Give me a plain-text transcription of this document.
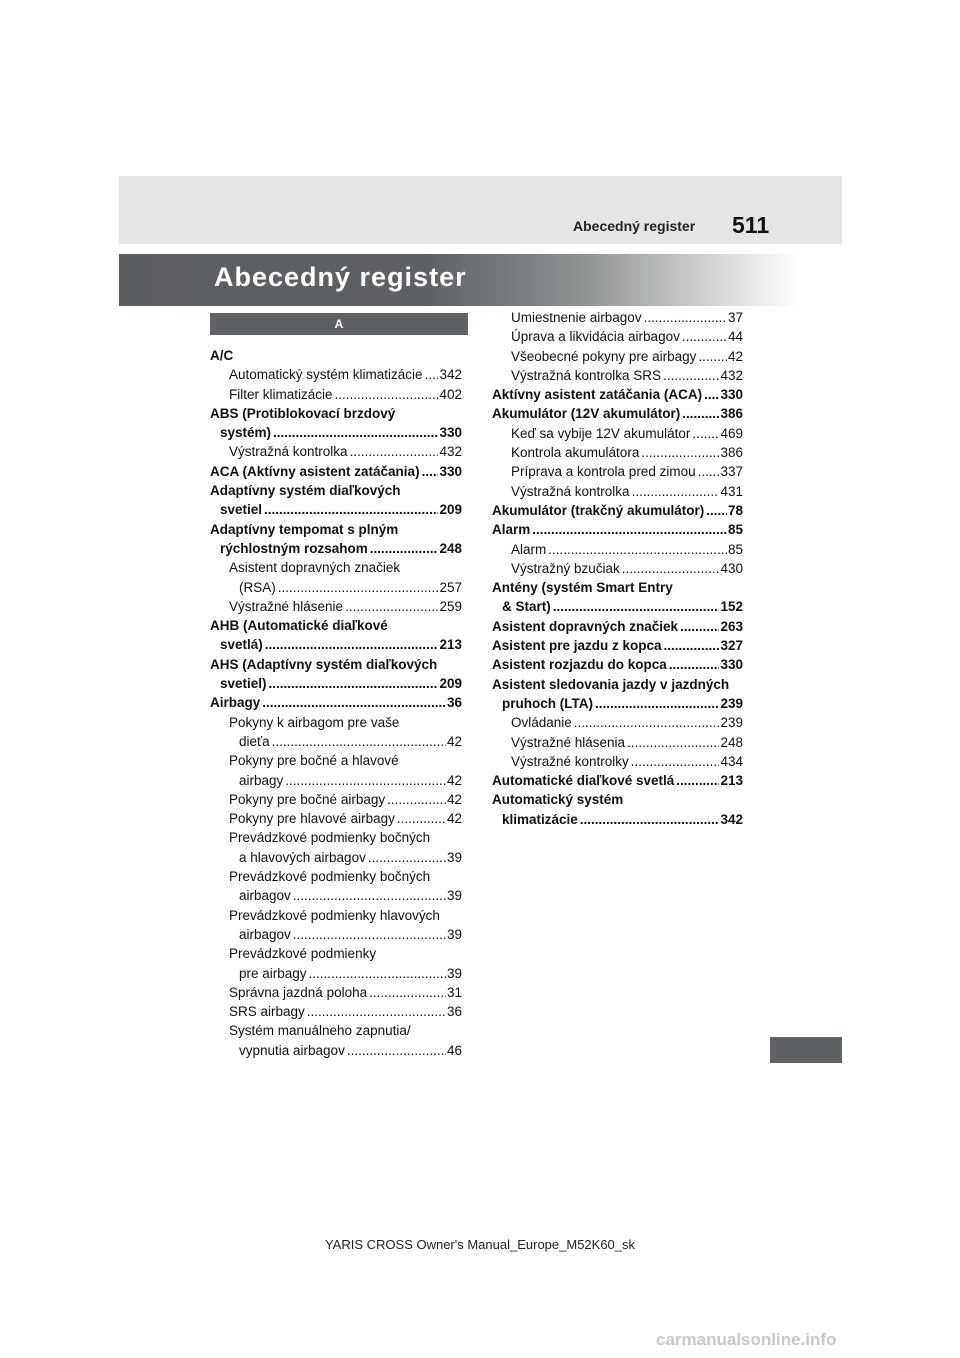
Abecedný register 511
Abecedný register
A
A/C
Automatický systém klimatizácie ..... 342
Filter klimatizácie .....	402
ABS (Protiblokovací brzdový
systém) .....	330
Výstražná kontrolka .....	432
ACA (Aktívny asistent zatáčania) ..... 330
Adaptívny systém diaľkových
svetiel .....	209
Adaptívny tempomat s plným
rýchlostným rozsahom .....	248
Asistent dopravných značiek
(RSA) .....	257
Výstražné hlásenie .....	259
AHB (Automatické diaľkové
svetlá) .....	213
AHS (Adaptívny systém diaľkových
svetiel) .....	209
Airbagy .....	36
Pokyny k airbagom pre vaše
dieťa .....	42
Pokyny pre bočné a hlavové
airbagy .....	42
Pokyny pre bočné airbagy .....	42
Pokyny pre hlavové airbagy .....	42
Prevádzkové podmienky bočných
a hlavových airbagov .....	39
Prevádzkové podmienky bočných
airbagov .....	39
Prevádzkové podmienky hlavových
airbagov .....	39
Prevádzkové podmienky
pre airbagy .....	39
Správna jazdná poloha .....	31
SRS airbagy .....	36
Systém manuálneho zapnutia/
vypnutia airbagov .....	46
Umiestnenie airbagov .....	37
Úprava a likvidácia airbagov .....	44
Všeobecné pokyny pre airbagy ..... 42
Výstražná kontrolka SRS .....	432
Aktívny asistent zatáčania (ACA) ..... 330
Akumulátor (12V akumulátor) .....	386
Keď sa vybije 12V akumulátor ..... 469
Kontrola akumulátora .....	386
Príprava a kontrola pred zimou ..... 337
Výstražná kontrolka .....	431
Akumulátor (trakčný akumulátor) ..... 78
Alarm .....	85
Alarm .....	85
Výstražný bzučiak .....	430
Antény (systém Smart Entry
& Start) .....	152
Asistent dopravných značiek .....	263
Asistent pre jazdu z kopca .....	327
Asistent rozjazdu do kopca .....	330
Asistent sledovania jazdy v jazdných
pruhoch (LTA) .....	239
Ovládanie .....	239
Výstražné hlásenia .....	248
Výstražné kontrolky .....	434
Automatické diaľkové svetlá .....	213
Automatický systém
klimatizácie .....	342
YARIS CROSS Owner's Manual_Europe_M52K60_sk
carmanualsonline.info
